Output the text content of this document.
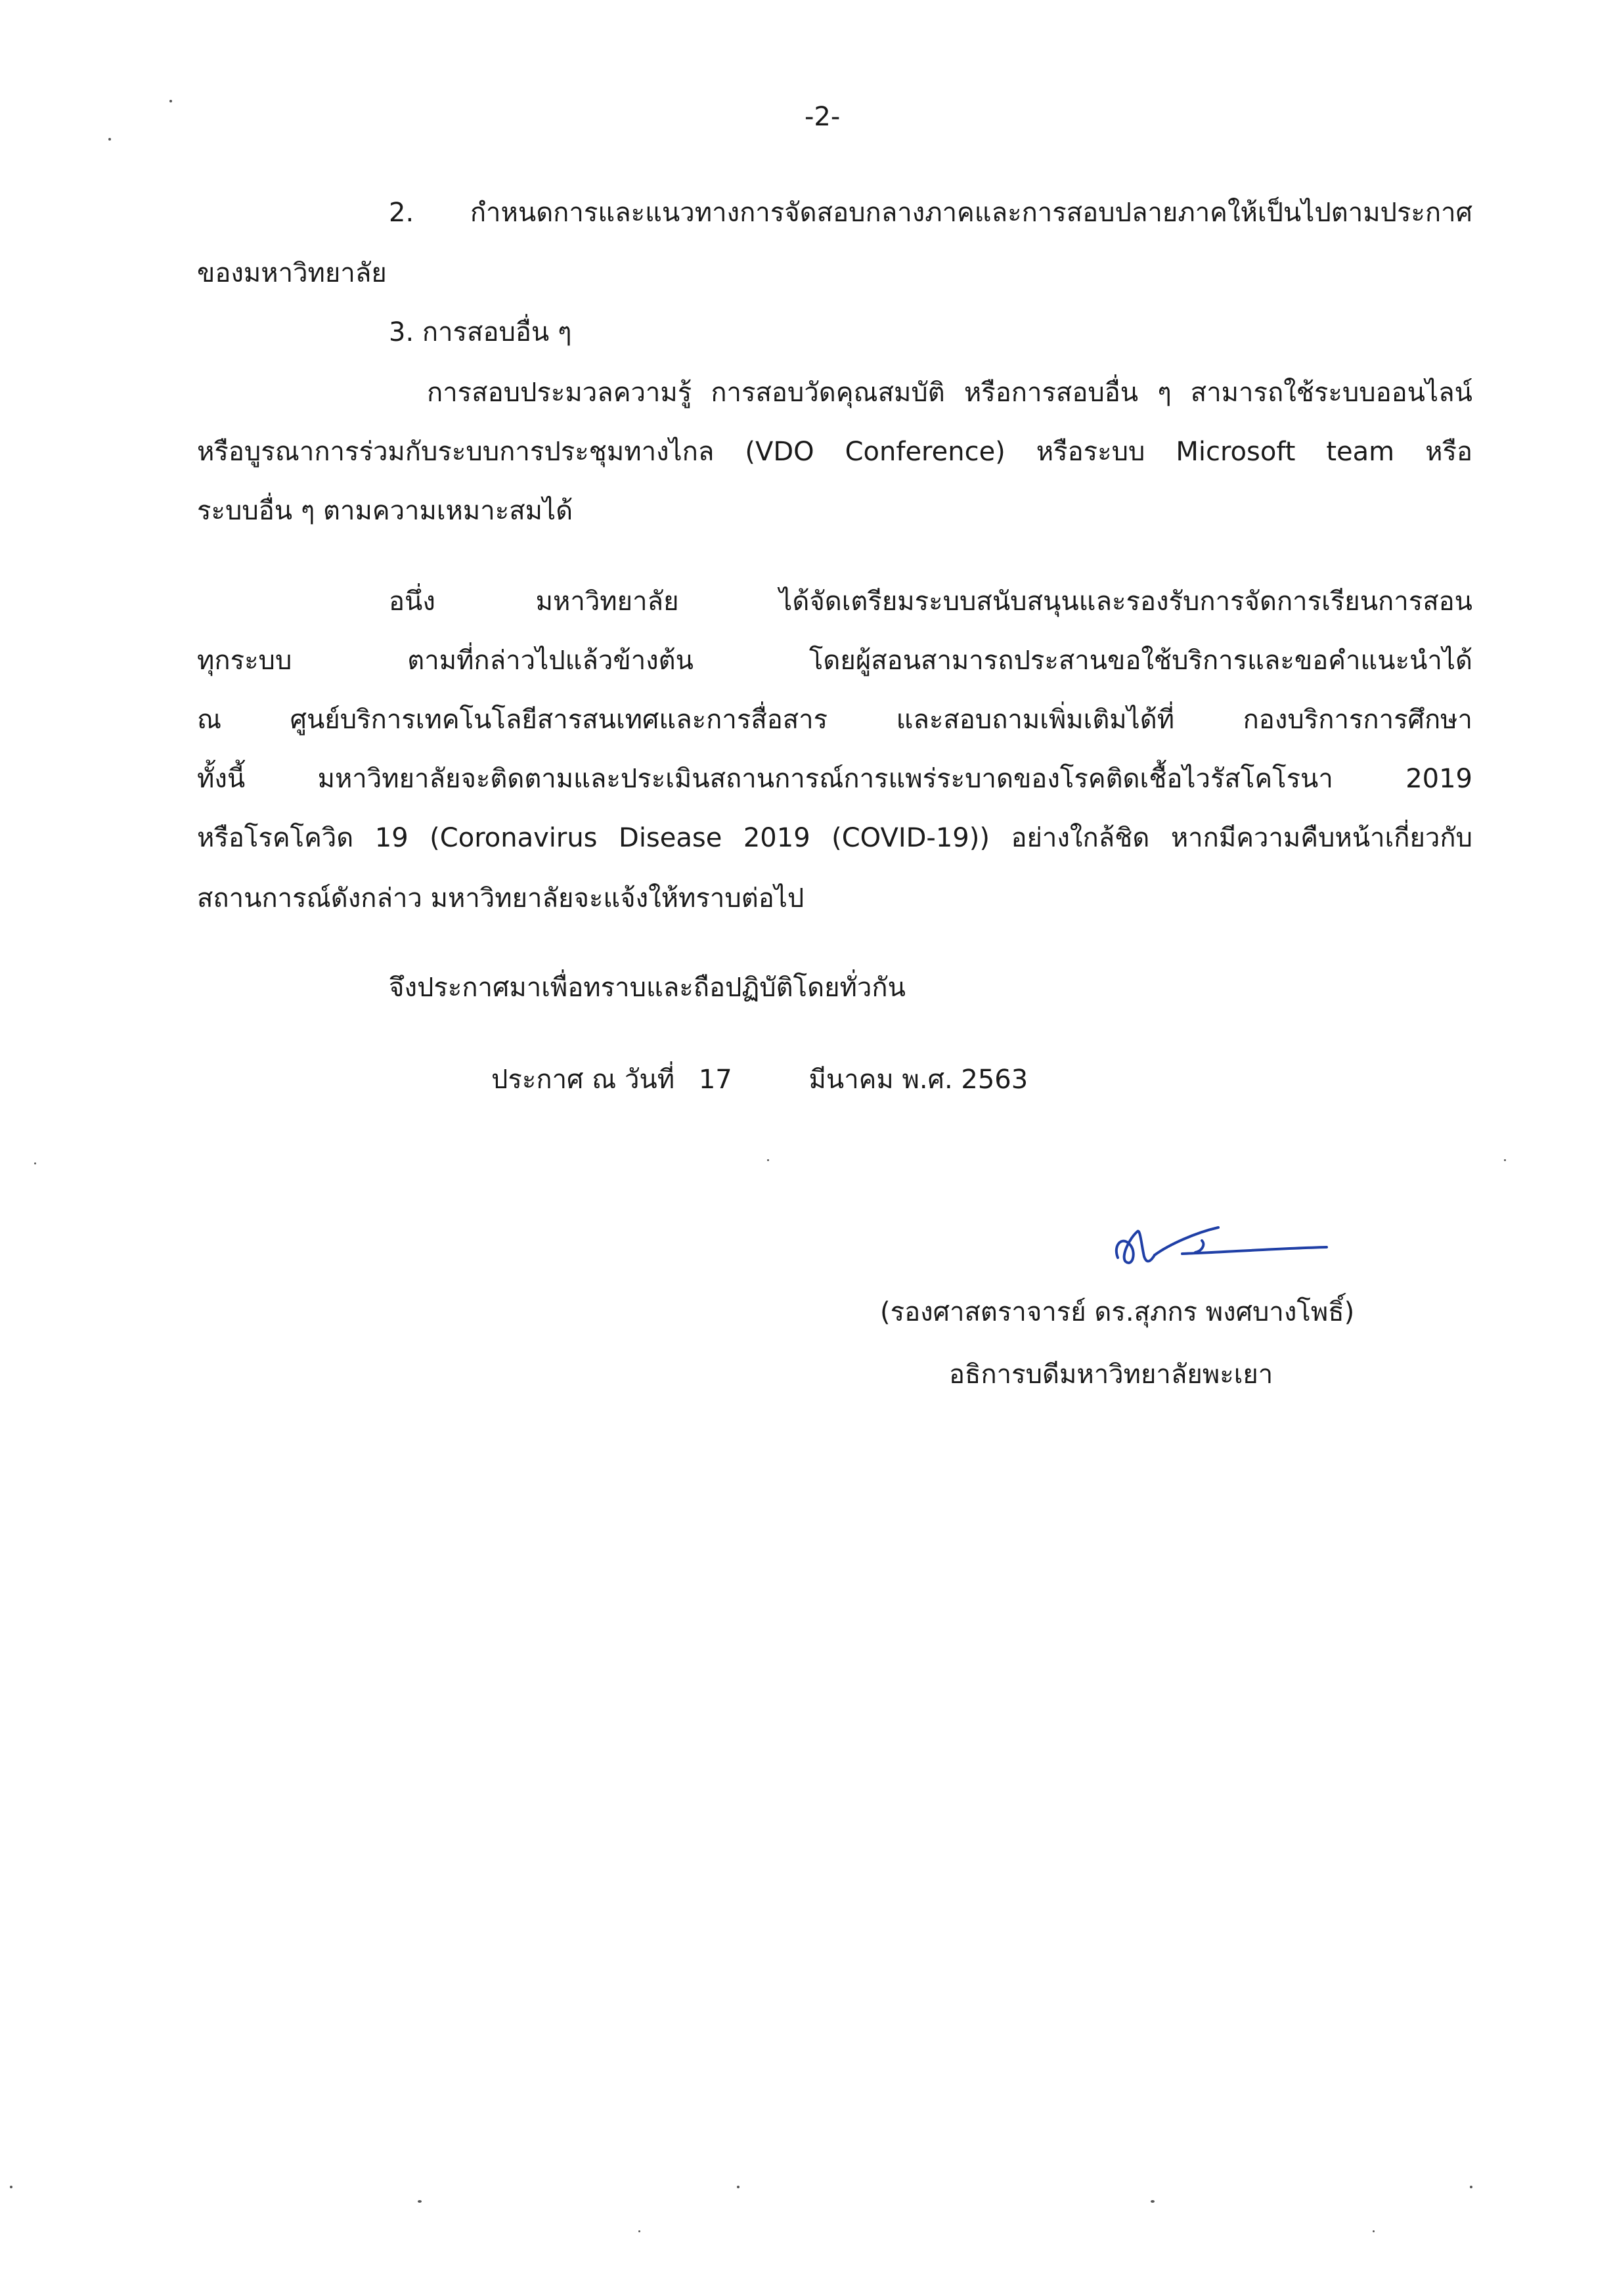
-2-
2. กำหนดการและแนวทางการจัดสอบกลางภาคและการสอบปลายภาคให้เป็นไปตามประกาศ
ของมหาวิทยาลัย
3. การสอบอื่น ๆ
การสอบประมวลความรู้ การสอบวัดคุณสมบัติ หรือการสอบอื่น ๆ สามารถใช้ระบบออนไลน์
หรือบูรณาการร่วมกับระบบการประชุมทางไกล (VDO Conference) หรือระบบ Microsoft team หรือ
ระบบอื่น ๆ ตามความเหมาะสมได้
อนึ่ง มหาวิทยาลัย ได้จัดเตรียมระบบสนับสนุนและรองรับการจัดการเรียนการสอน
ทุกระบบ ตามที่กล่าวไปแล้วข้างต้น โดยผู้สอนสามารถประสานขอใช้บริการและขอคำแนะนำได้
ณ ศูนย์บริการเทคโนโลยีสารสนเทศและการสื่อสาร และสอบถามเพิ่มเติมได้ที่ กองบริการการศึกษา
ทั้งนี้ มหาวิทยาลัยจะติดตามและประเมินสถานการณ์การแพร่ระบาดของโรคติดเชื้อไวรัสโคโรนา 2019
หรือโรคโควิด 19 (Coronavirus Disease 2019 (COVID-19)) อย่างใกล้ชิด หากมีความคืบหน้าเกี่ยวกับ
สถานการณ์ดังกล่าว มหาวิทยาลัยจะแจ้งให้ทราบต่อไป
จึงประกาศมาเพื่อทราบและถือปฏิบัติโดยทั่วกัน
ประกาศ ณ วันที่ 17	มีนาคม พ.ศ. 2563
(รองศาสตราจารย์ ดร.สุภกร พงศบางโพธิ์)
อธิการบดีมหาวิทยาลัยพะเยา
